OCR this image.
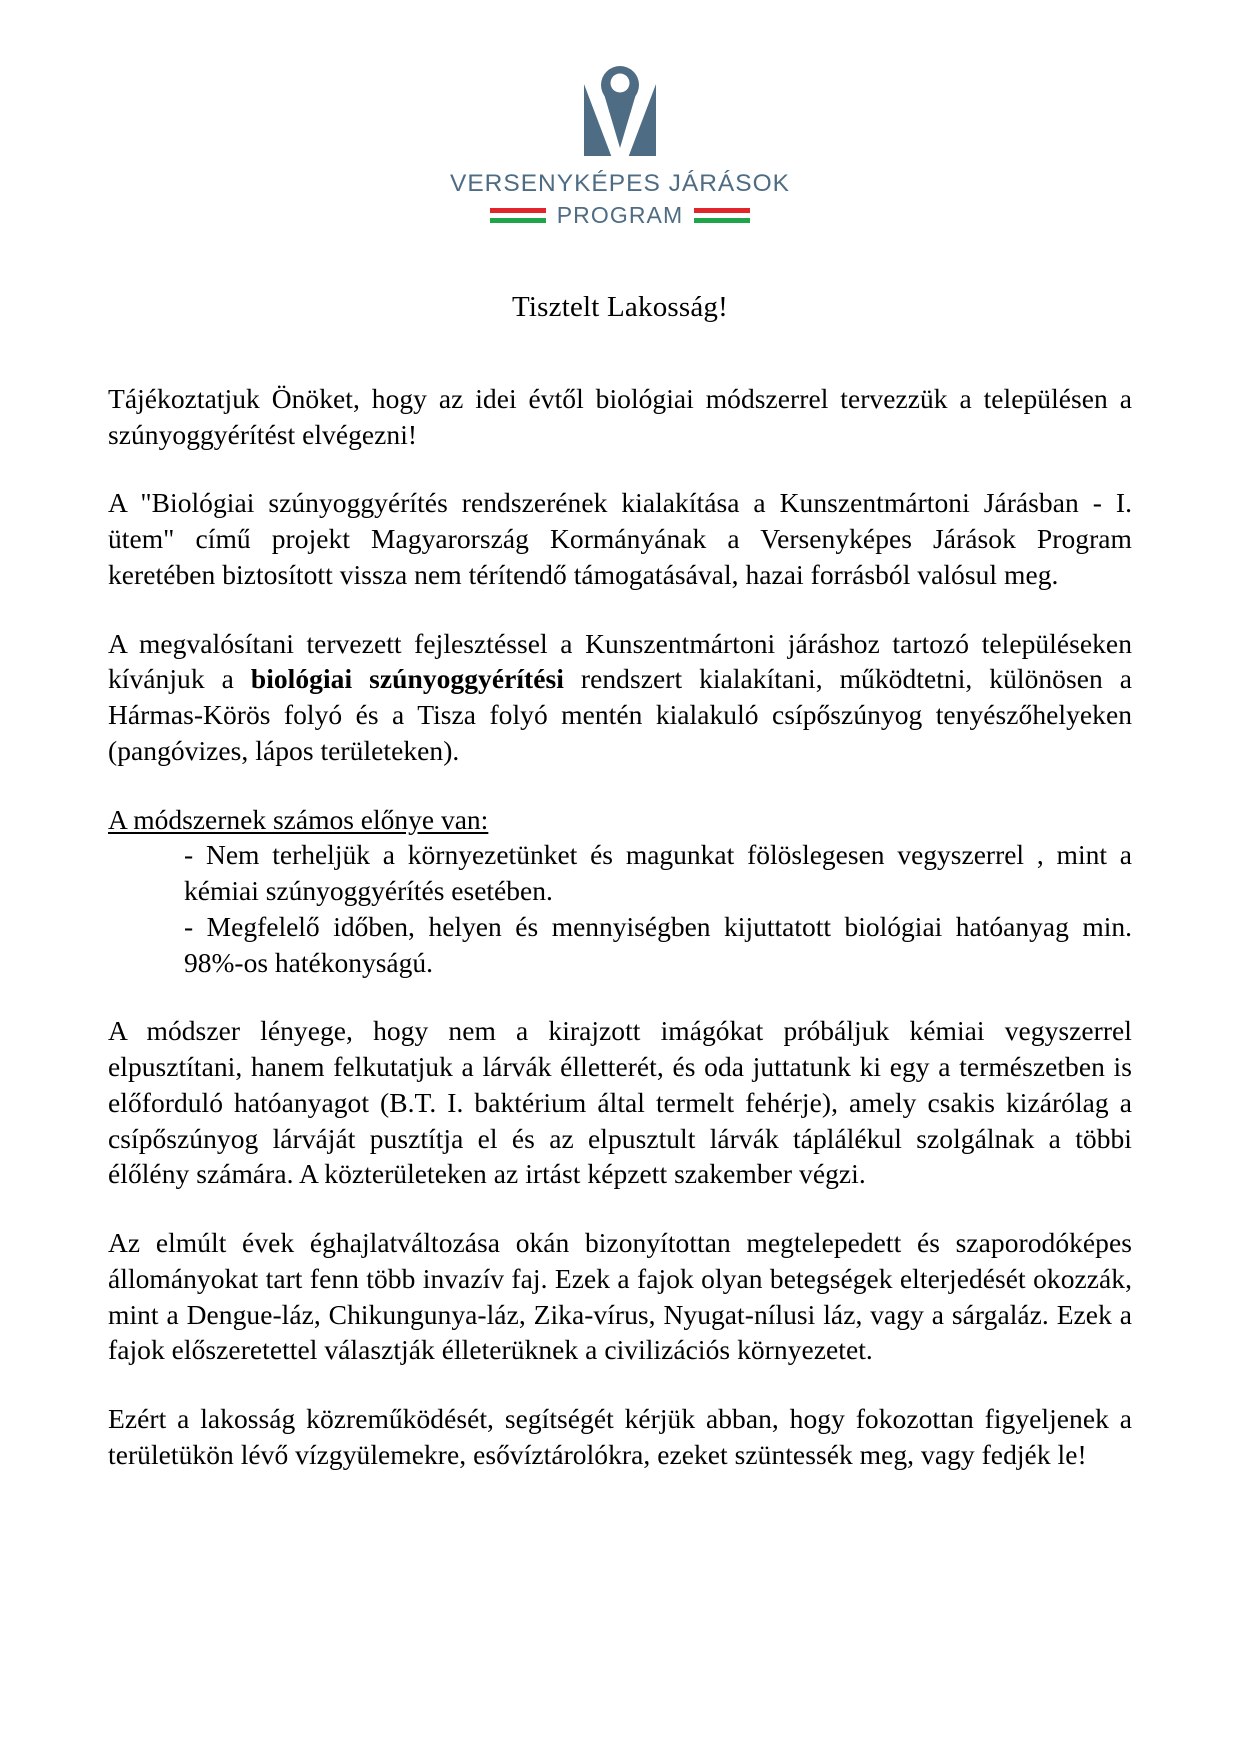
VERSENYKÉPES JÁRÁSOK
PROGRAM
Tisztelt Lakosság!

Tájékoztatjuk Önöket, hogy az idei évtől biológiai módszerrel tervezzük a településen a szúnyoggyérítést elvégezni!

A "Biológiai szúnyoggyérítés rendszerének kialakítása a Kunszentmártoni Járásban - I. ütem" című projekt Magyarország Kormányának a Versenyképes Járások Program keretében biztosított vissza nem térítendő támogatásával, hazai forrásból valósul meg.

A megvalósítani tervezett fejlesztéssel a Kunszentmártoni járáshoz tartozó településeken kívánjuk a biológiai szúnyoggyérítési rendszert kialakítani, működtetni, különösen a Hármas-Körös folyó és a Tisza folyó mentén kialakuló csípőszúnyog tenyészőhelyeken (pangóvizes, lápos területeken).

A módszernek számos előnye van:
- Nem terheljük a környezetünket és magunkat fölöslegesen vegyszerrel , mint a kémiai szúnyoggyérítés esetében.
- Megfelelő időben, helyen és mennyiségben kijuttatott biológiai hatóanyag min. 98%-os hatékonyságú.

A módszer lényege, hogy nem a kirajzott imágókat próbáljuk kémiai vegyszerrel elpusztítani, hanem felkutatjuk a lárvák élletterét, és oda juttatunk ki egy a természetben is előforduló hatóanyagot (B.T. I. baktérium által termelt fehérje), amely csakis kizárólag a csípőszúnyog lárváját pusztítja el és az elpusztult lárvák táplálékul szolgálnak a többi élőlény számára. A közterületeken az irtást képzett szakember végzi.

Az elmúlt évek éghajlatváltozása okán bizonyítottan megtelepedett és szaporodóképes állományokat tart fenn több invazív faj. Ezek a fajok olyan betegségek elterjedését okozzák, mint a Dengue-láz, Chikungunya-láz, Zika-vírus, Nyugat-nílusi láz, vagy a sárgaláz. Ezek a fajok előszeretettel választják élleterüknek a civilizációs környezetet.

Ezért a lakosság közreműködését, segítségét kérjük abban, hogy fokozottan figyeljenek a területükön lévő vízgyülemekre, esővíztárolókra, ezeket szüntessék meg, vagy fedjék le!
